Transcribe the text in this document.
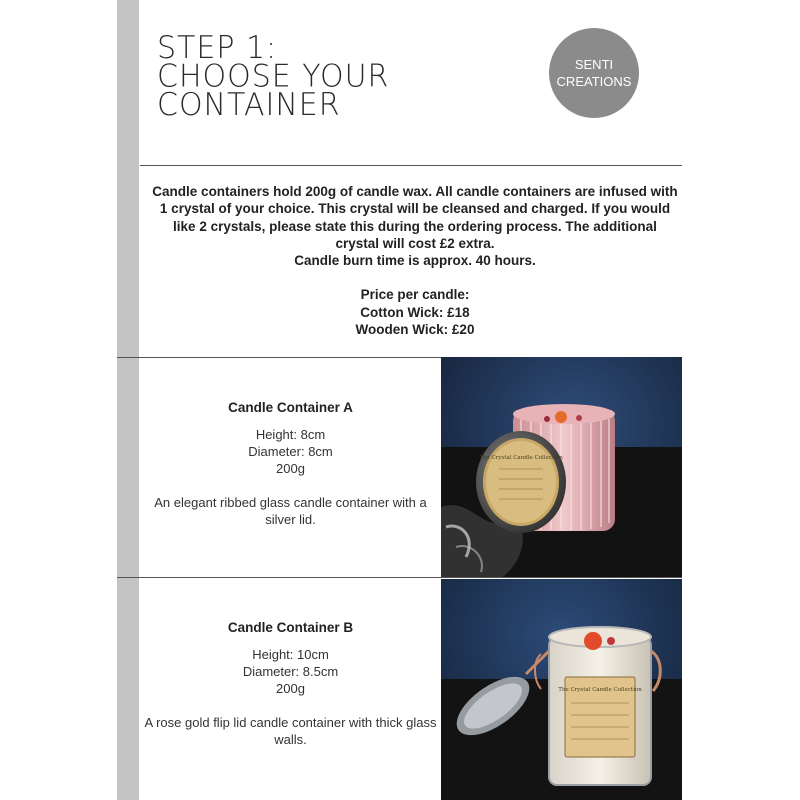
STEP 1:
CHOOSE YOUR
CONTAINER
SENTI
CREATIONS

Candle containers hold 200g of candle wax. All candle containers are infused with 1 crystal of your choice. This crystal will be cleansed and charged. If you would like 2 crystals, please state this during the ordering process. The additional crystal will cost £2 extra.

Candle burn time is approx. 40 hours.

Price per candle:

Cotton Wick: £18

Wooden Wick: £20

Candle Container A

Height: 8cm

Diameter: 8cm

200g

An elegant ribbed glass candle container with a silver lid.

The Crystal Candle Collection
Candle Container B

Height: 10cm

Diameter: 8.5cm

200g

A rose gold flip lid candle container with thick glass walls.

The Crystal Candle Collection
